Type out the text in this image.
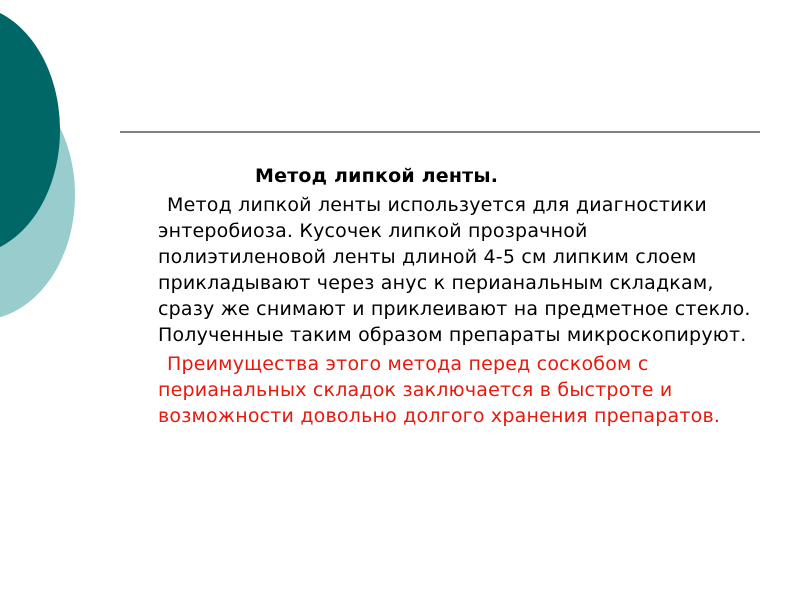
Метод липкой ленты.

Метод липкой ленты используется для диагностики энтеробиоза. Кусочек липкой прозрачной полиэтиленовой ленты длиной 4-5 см липким слоем прикладывают через анус к перианальным складкам, сразу же снимают и приклеивают на предметное стекло. Полученные таким образом препараты микроскопируют.

Преимущества этого метода перед соскобом с перианальных складок заключается в быстроте и возможности довольно долгого хранения препаратов.
